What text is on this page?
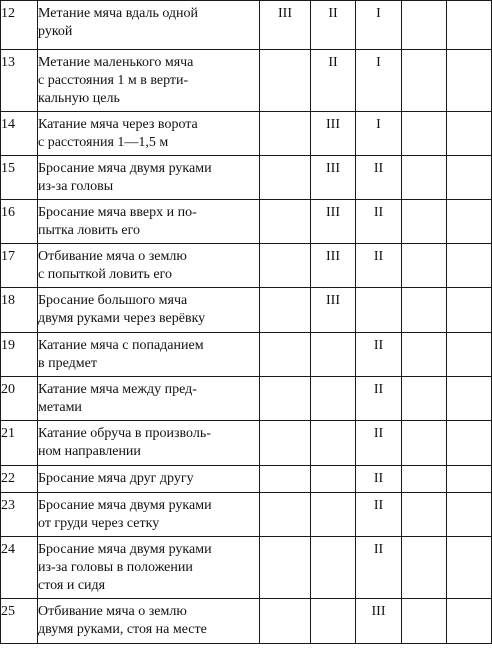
12	Метание мяча вдаль одной
рукой	III	II	I		
13	Метание маленького мяча
с расстояния 1 м в верти-
кальную цель		II	I		
14	Катание мяча через ворота
с расстояния 1—1,5 м		III	I		
15	Бросание мяча двумя руками
из-за головы		III	II		
16	Бросание мяча вверх и по-
пытка ловить его		III	II		
17	Отбивание мяча о землю
с попыткой ловить его		III	II		
18	Бросание большого мяча
двумя руками через верёвку		III			
19	Катание мяча с попаданием
в предмет			II		
20	Катание мяча между пред-
метами			II		
21	Катание обруча в произволь-
ном направлении			II		
22	Бросание мяча друг другу			II		
23	Бросание мяча двумя руками
от груди через сетку			II		
24	Бросание мяча двумя руками
из-за головы в положении
стоя и сидя			II		
25	Отбивание мяча о землю
двумя руками, стоя на месте			III		
